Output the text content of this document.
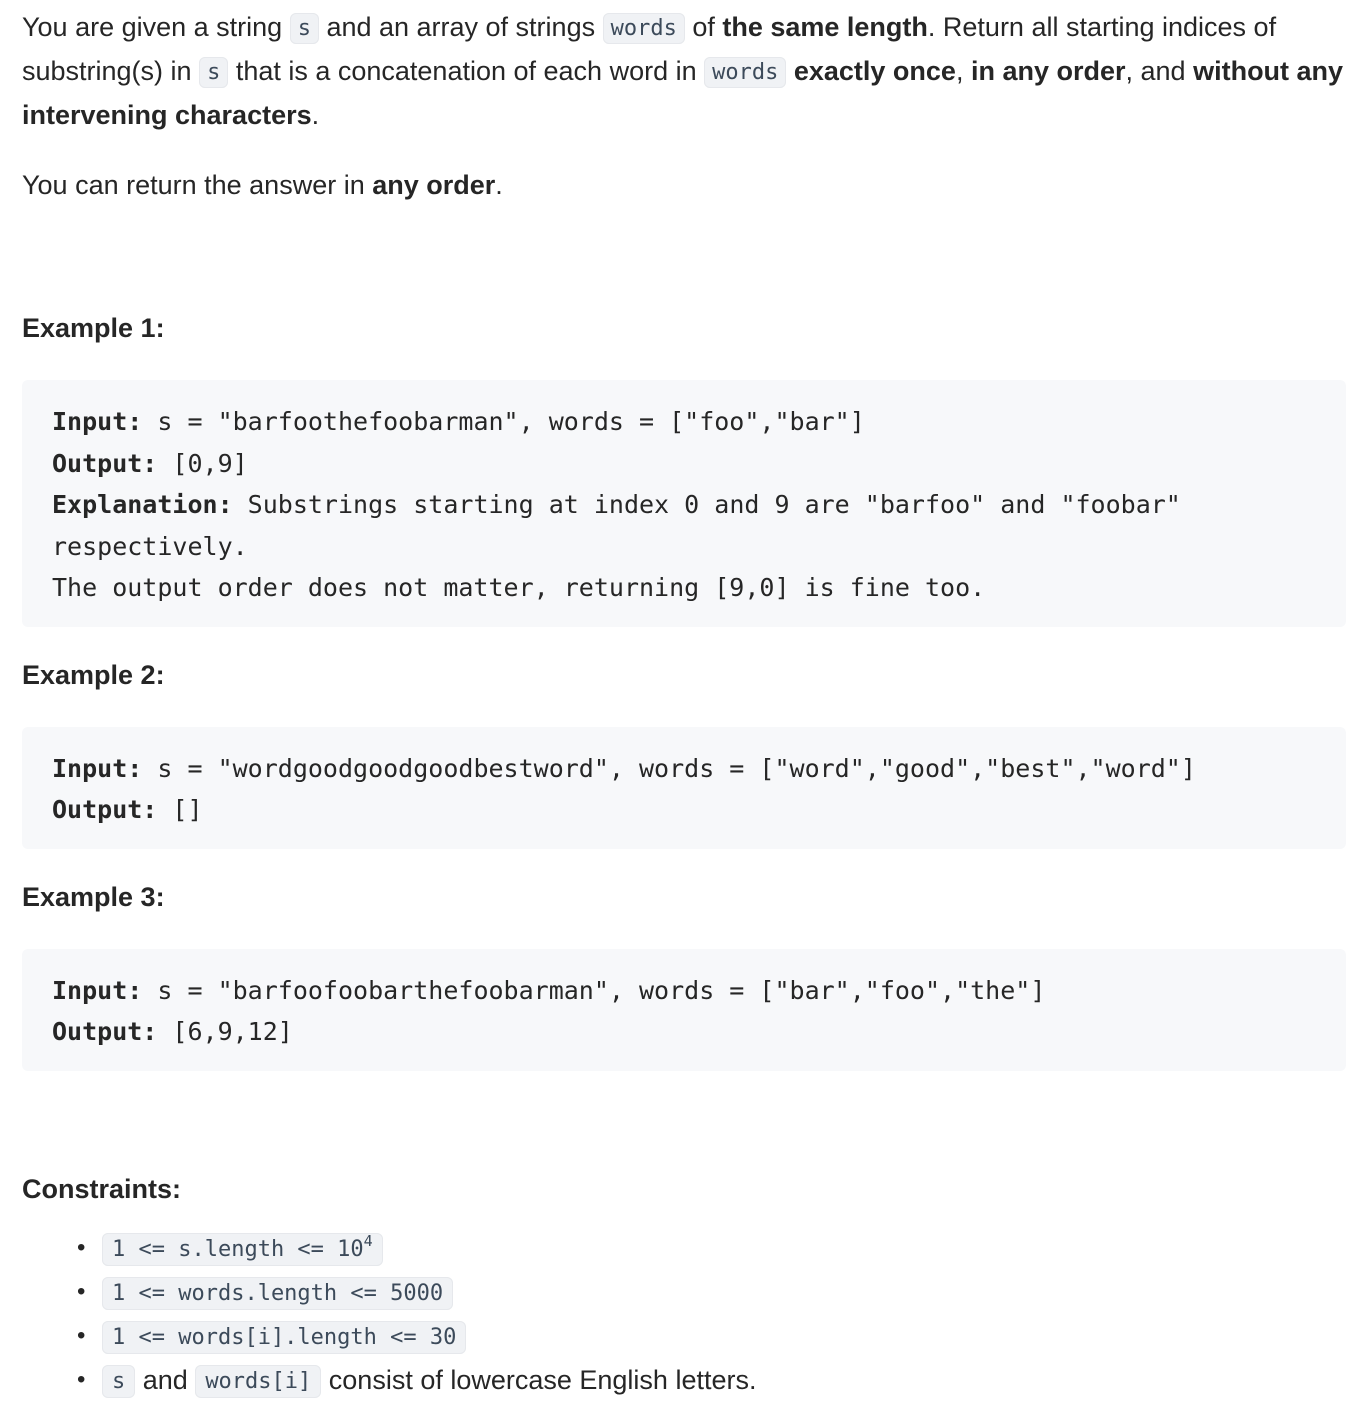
You are given a string s and an array of strings words of the same length. Return all starting indices of substring(s) in s that is a concatenation of each word in words exactly once, in any order, and without any intervening characters.

You can return the answer in any order.

Example 1:
Input: s = "barfoothefoobarman", words = ["foo","bar"]
Output: [0,9]
Explanation: Substrings starting at index 0 and 9 are "barfoo" and "foobar" respectively.
The output order does not matter, returning [9,0] is fine too.
Example 2:
Input: s = "wordgoodgoodgoodbestword", words = ["word","good","best","word"]
Output: []
Example 3:
Input: s = "barfoofoobarthefoobarman", words = ["bar","foo","the"]
Output: [6,9,12]
Constraints:
• 1 <= s.length <= $10^4$
• 1 <= words.length <= 5000
• 1 <= words[i].length <= 30
• s and words[i] consist of lowercase English letters.
